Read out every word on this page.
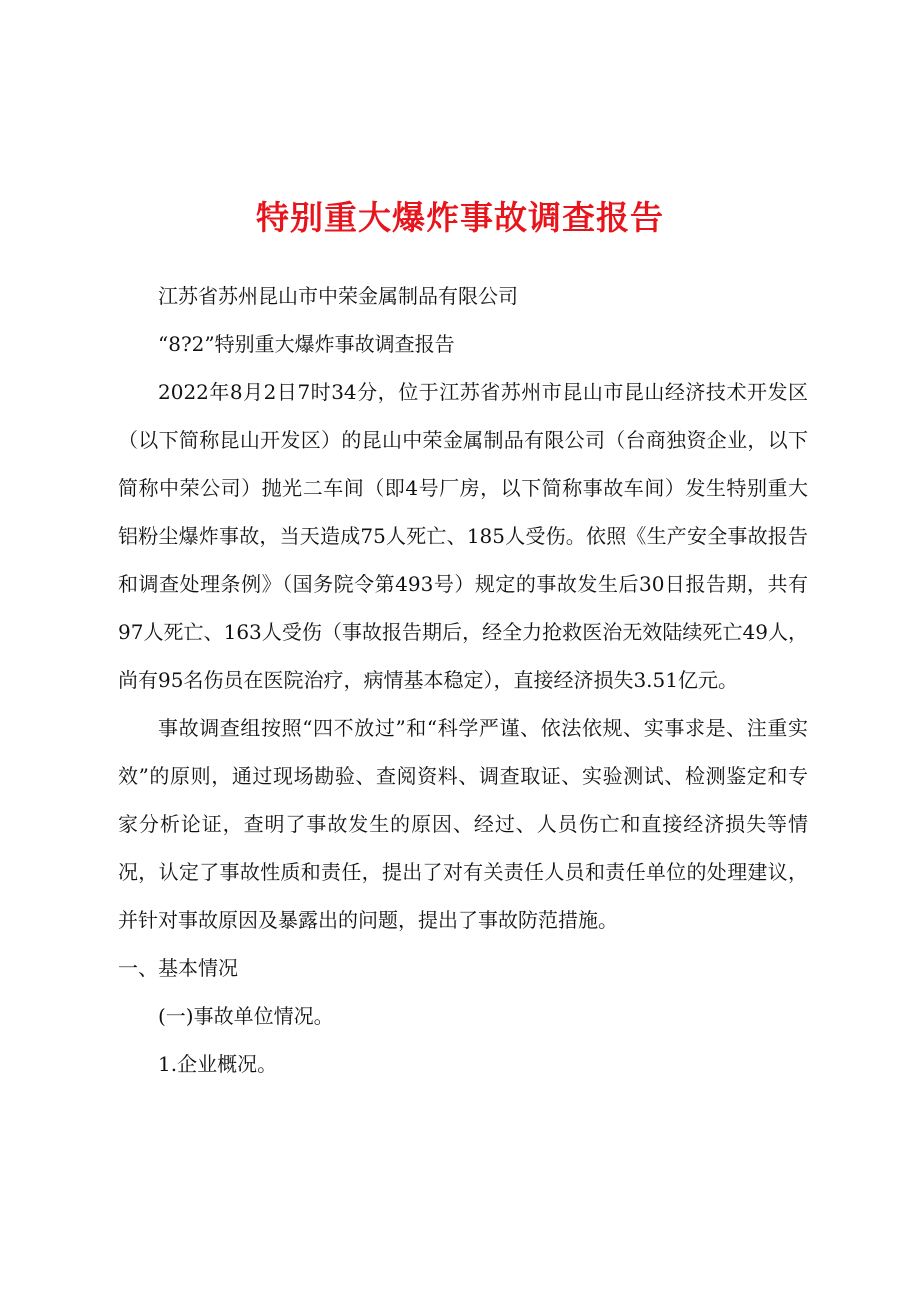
特别重大爆炸事故调查报告

江苏省苏州昆山市中荣金属制品有限公司

“8?2”特别重大爆炸事故调查报告

2022年8月2日7时34分，位于江苏省苏州市昆山市昆山经济技术开发区（以下简称昆山开发区）的昆山中荣金属制品有限公司（台商独资企业，以下简称中荣公司）抛光二车间（即4号厂房，以下简称事故车间）发生特别重大铝粉尘爆炸事故，当天造成75人死亡、185人受伤。依照《生产安全事故报告和调查处理条例》（国务院令第493号）规定的事故发生后30日报告期，共有97人死亡、163人受伤（事故报告期后，经全力抢救医治无效陆续死亡49人，尚有95名伤员在医院治疗，病情基本稳定），直接经济损失3.51亿元。

事故调查组按照“四不放过”和“科学严谨、依法依规、实事求是、注重实效”的原则，通过现场勘验、查阅资料、调查取证、实验测试、检测鉴定和专家分析论证，查明了事故发生的原因、经过、人员伤亡和直接经济损失等情况，认定了事故性质和责任，提出了对有关责任人员和责任单位的处理建议，并针对事故原因及暴露出的问题，提出了事故防范措施。

一、基本情况

(一)事故单位情况。

1.企业概况。
